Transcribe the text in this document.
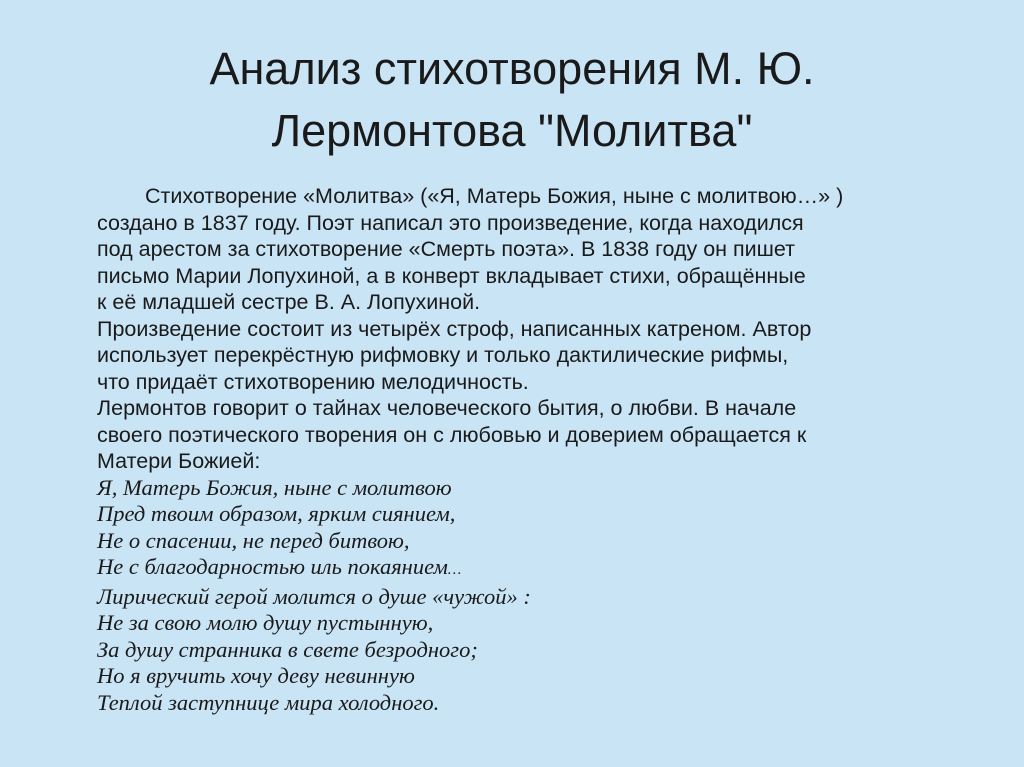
Анализ стихотворения М. Ю.
Лермонтова "Молитва"
Стихотворение «Молитва» («Я, Матерь Божия, ныне с молитвою…» )
создано в 1837 году. Поэт написал это произведение, когда находился
под арестом за стихотворение «Смерть поэта». В 1838 году он пишет
письмо Марии Лопухиной, а в конверт вкладывает стихи, обращённые
к её младшей сестре В. А. Лопухиной.
Произведение состоит из четырёх строф, написанных катреном. Автор
использует перекрёстную рифмовку и только дактилические рифмы,
что придаёт стихотворению мелодичность.
Лермонтов говорит о тайнах человеческого бытия, о любви. В начале
своего поэтического творения он с любовью и доверием обращается к
Матери Божией:
Я, Матерь Божия, ныне с молитвою
Пред твоим образом, ярким сиянием,
Не о спасении, не перед битвою,
Не с благодарностью иль покаянием…
Лирический герой молится о душе «чужой» :
Не за свою молю душу пустынную,
За душу странника в свете безродного;
Но я вручить хочу деву невинную
Теплой заступнице мира холодного.
